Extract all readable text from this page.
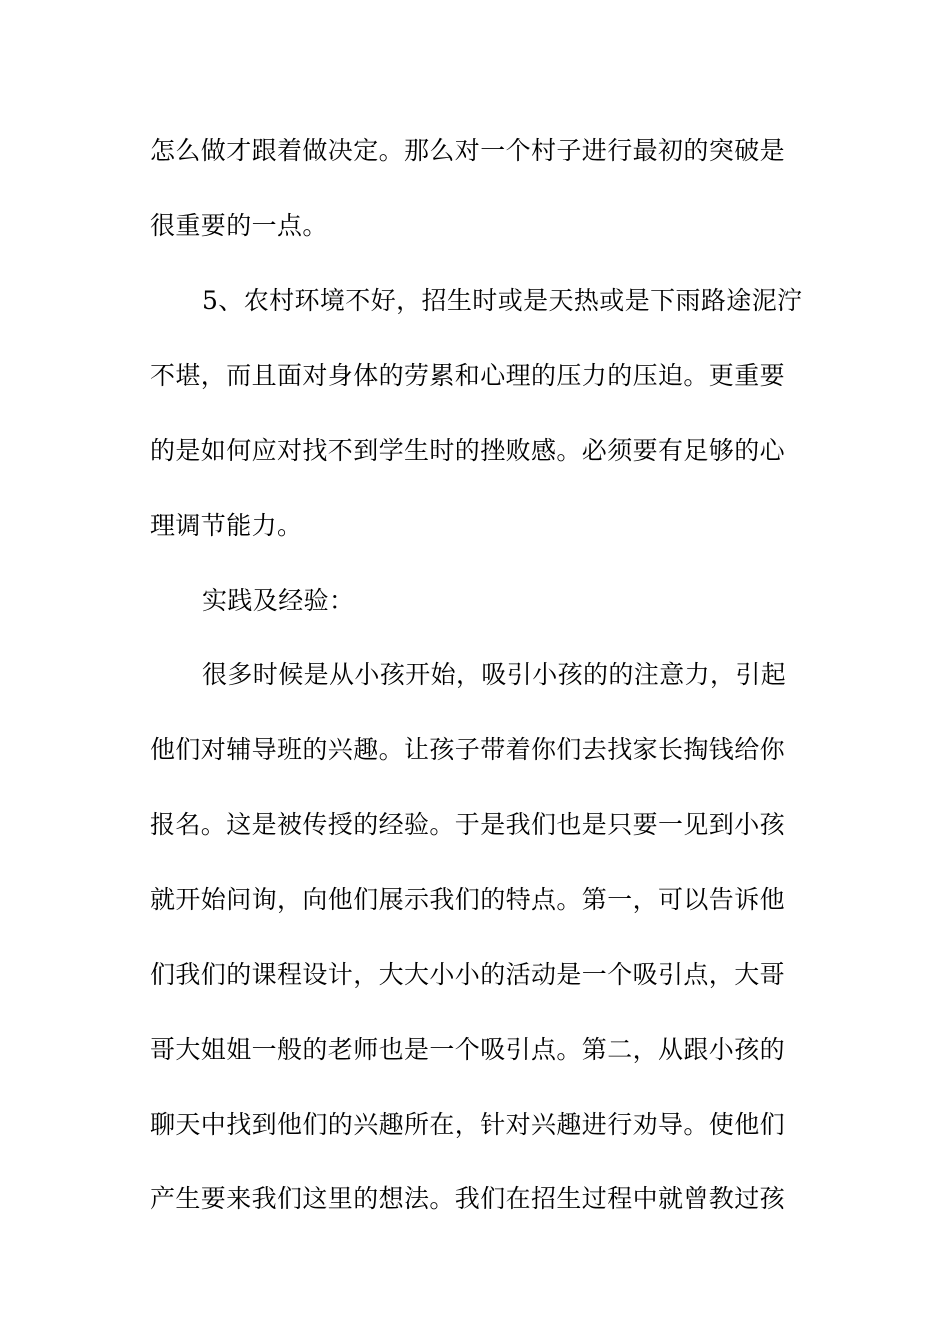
怎么做才跟着做决定。那么对一个村子进行最初的突破是
很重要的一点。
5、农村环境不好，招生时或是天热或是下雨路途泥泞
不堪，而且面对身体的劳累和心理的压力的压迫。更重要
的是如何应对找不到学生时的挫败感。必须要有足够的心
理调节能力。
实践及经验：
很多时候是从小孩开始，吸引小孩的的注意力，引起
他们对辅导班的兴趣。让孩子带着你们去找家长掏钱给你
报名。这是被传授的经验。于是我们也是只要一见到小孩
就开始问询，向他们展示我们的特点。第一，可以告诉他
们我们的课程设计，大大小小的活动是一个吸引点，大哥
哥大姐姐一般的老师也是一个吸引点。第二，从跟小孩的
聊天中找到他们的兴趣所在，针对兴趣进行劝导。使他们
产生要来我们这里的想法。我们在招生过程中就曾教过孩
